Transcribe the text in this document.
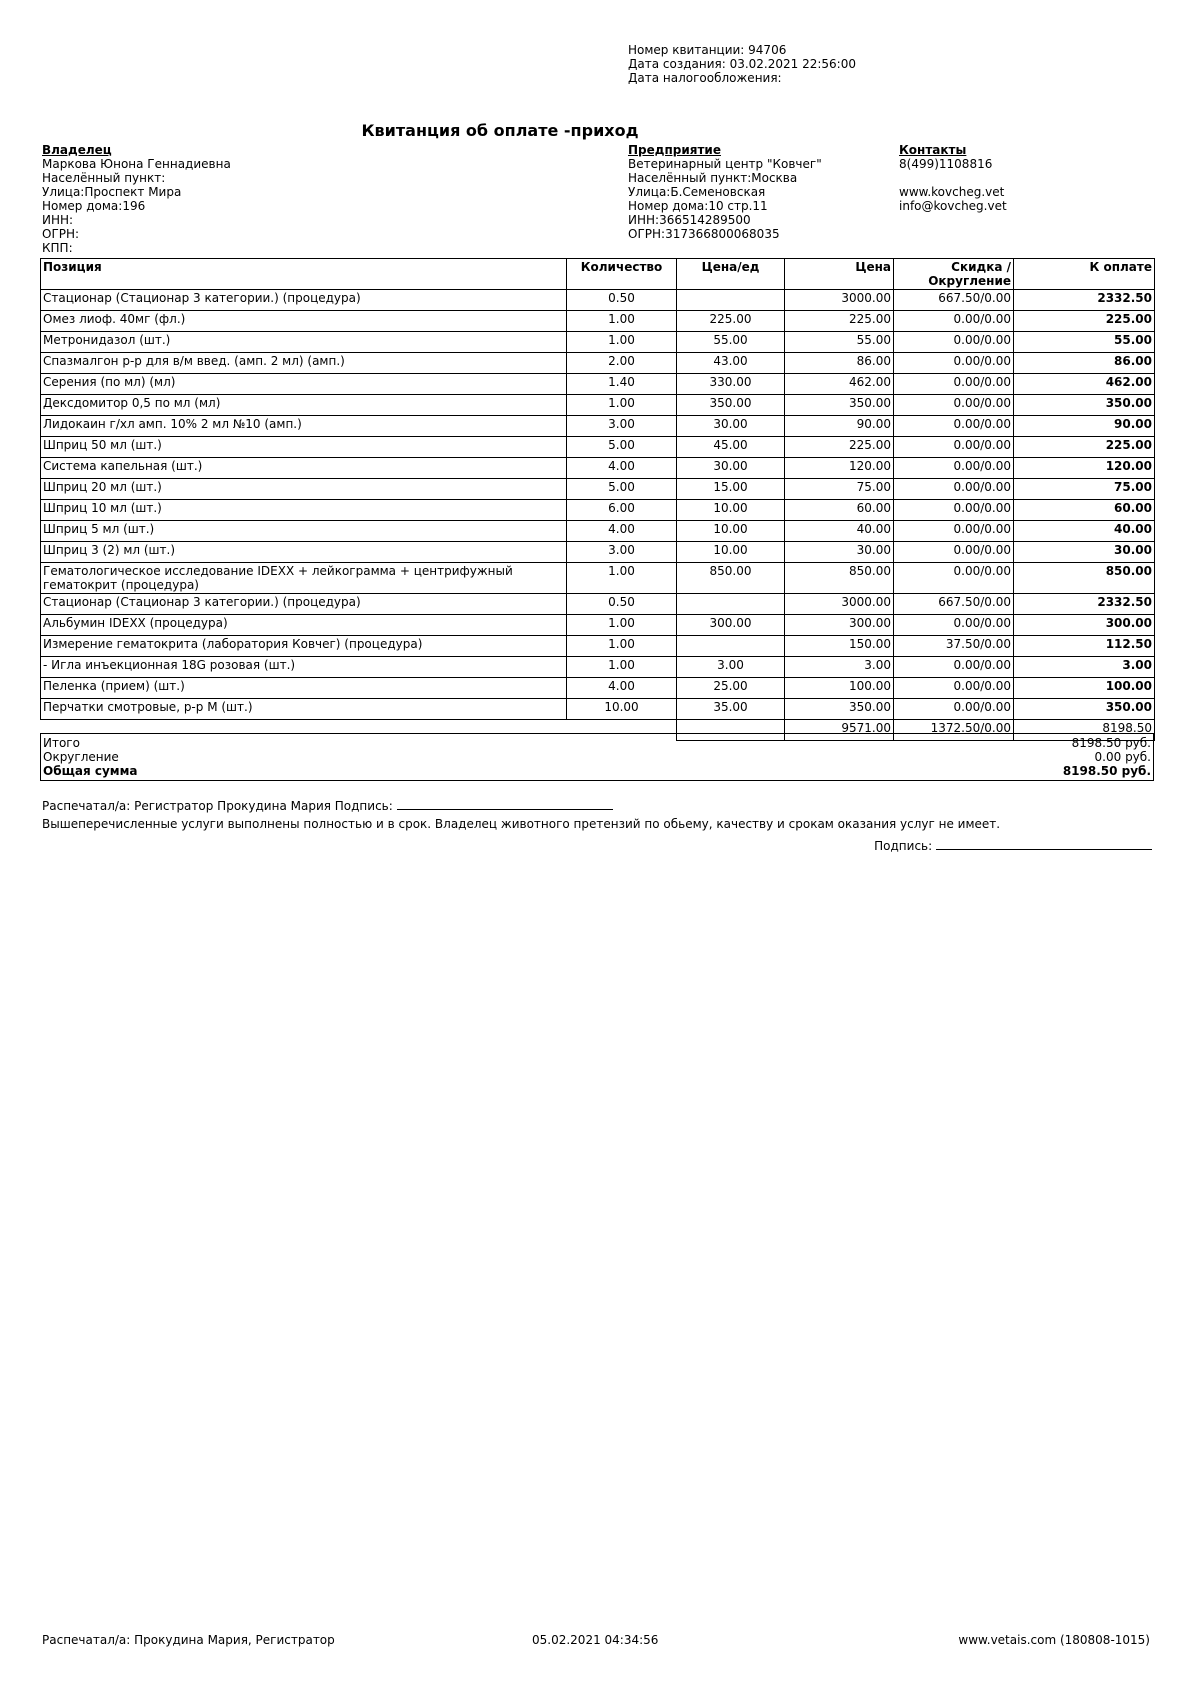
Номер квитанции: 94706
Дата создания: 03.02.2021 22:56:00
Дата налогообложения:
Квитанция об оплате -приход
Владелец
Маркова Юнона Геннадиевна
Населённый пункт:
Улица:Проспект Мира
Номер дома:196
ИНН:
ОГРН:
КПП:
Предприятие
Ветеринарный центр "Ковчег"
Населённый пункт:Москва
Улица:Б.Семеновская
Номер дома:10 стр.11
ИНН:366514289500
ОГРН:317366800068035
Контакты
8(499)1108816

www.kovcheg.vet
info@kovcheg.vet
Позиция	Количество	Цена/ед	Цена	Скидка / Округление	К оплате
Стационар (Стационар 3 категории.) (процедура)	0.50		3000.00	667.50/0.00	2332.50
Омез лиоф. 40мг (фл.)	1.00	225.00	225.00	0.00/0.00	225.00
Метронидазол (шт.)	1.00	55.00	55.00	0.00/0.00	55.00
Спазмалгон р-р для в/м введ. (амп. 2 мл) (амп.)	2.00	43.00	86.00	0.00/0.00	86.00
Серения (по мл) (мл)	1.40	330.00	462.00	0.00/0.00	462.00
Дексдомитор 0,5 по мл (мл)	1.00	350.00	350.00	0.00/0.00	350.00
Лидокаин г/хл амп. 10% 2 мл №10 (амп.)	3.00	30.00	90.00	0.00/0.00	90.00
Шприц 50 мл (шт.)	5.00	45.00	225.00	0.00/0.00	225.00
Система капельная (шт.)	4.00	30.00	120.00	0.00/0.00	120.00
Шприц 20 мл (шт.)	5.00	15.00	75.00	0.00/0.00	75.00
Шприц 10 мл (шт.)	6.00	10.00	60.00	0.00/0.00	60.00
Шприц 5 мл (шт.)	4.00	10.00	40.00	0.00/0.00	40.00
Шприц 3 (2) мл (шт.)	3.00	10.00	30.00	0.00/0.00	30.00
Гематологическое исследование IDEXX + лейкограмма + центрифужный гематокрит (процедура)	1.00	850.00	850.00	0.00/0.00	850.00
Стационар (Стационар 3 категории.) (процедура)	0.50		3000.00	667.50/0.00	2332.50
Альбумин IDEXX (процедура)	1.00	300.00	300.00	0.00/0.00	300.00
Измерение гематокрита (лаборатория Ковчег) (процедура)	1.00		150.00	37.50/0.00	112.50
- Игла инъекционная 18G розовая (шт.)	1.00	3.00	3.00	0.00/0.00	3.00
Пеленка (прием) (шт.)	4.00	25.00	100.00	0.00/0.00	100.00
Перчатки смотровые, р-р М (шт.)	10.00	35.00	350.00	0.00/0.00	350.00
			9571.00	1372.50/0.00	8198.50
Итого	8198.50 руб.
Округление	0.00 руб.
Общая сумма	8198.50 руб.
Распечатал/а: Регистратор Прокудина Мария Подпись:
Вышеперечисленные услуги выполнены полностью и в срок. Владелец животного претензий по обьему, качеству и срокам оказания услуг не имеет.
Подпись:
Распечатал/а: Прокудина Мария, Регистратор	05.02.2021 04:34:56	www.vetais.com (180808-1015)
